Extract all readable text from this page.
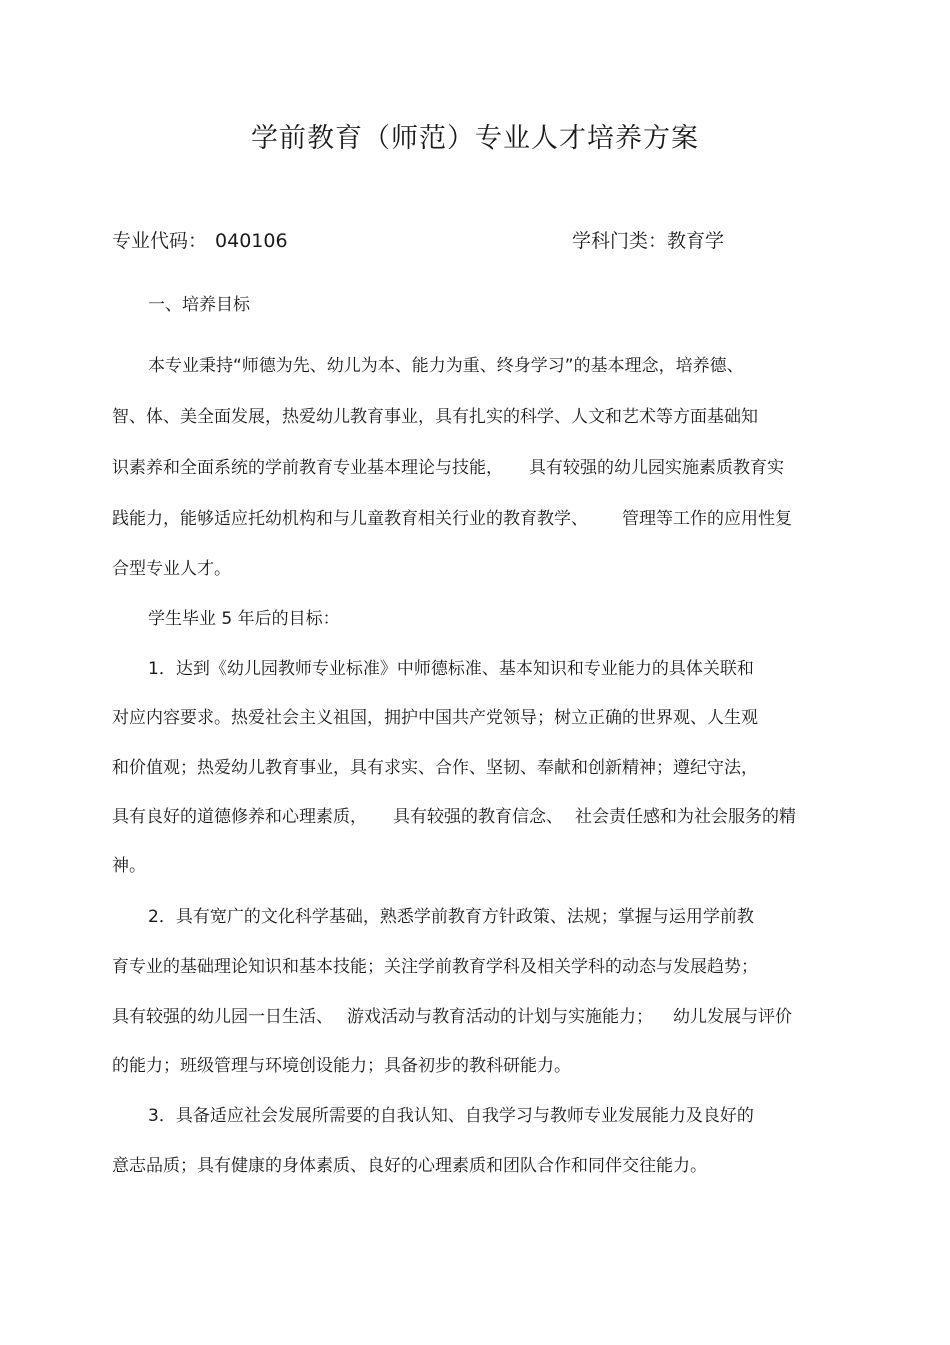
学前教育（师范）专业人才培养方案
专业代码： 040106	学科门类：教育学
一、培养目标
本专业秉持“师德为先、幼儿为本、能力为重、终身学习”的基本理念，培养德、
智、体、美全面发展，热爱幼儿教育事业，具有扎实的科学、人文和艺术等方面基础知
识素养和全面系统的学前教育专业基本理论与技能， 具有较强的幼儿园实施素质教育实
践能力，能够适应托幼机构和与儿童教育相关行业的教育教学、 管理等工作的应用性复
合型专业人才。
学生毕业 5 年后的目标：
1．达到《幼儿园教师专业标准》中师德标准、基本知识和专业能力的具体关联和
对应内容要求。热爱社会主义祖国，拥护中国共产党领导；树立正确的世界观、人生观
和价值观；热爱幼儿教育事业，具有求实、合作、坚韧、奉献和创新精神；遵纪守法，
具有良好的道德修养和心理素质， 具有较强的教育信念、 社会责任感和为社会服务的精
神。
2．具有宽广的文化科学基础，熟悉学前教育方针政策、法规；掌握与运用学前教
育专业的基础理论知识和基本技能；关注学前教育学科及相关学科的动态与发展趋势；
具有较强的幼儿园一日生活、 游戏活动与教育活动的计划与实施能力； 幼儿发展与评价
的能力；班级管理与环境创设能力；具备初步的教科研能力。
3．具备适应社会发展所需要的自我认知、自我学习与教师专业发展能力及良好的
意志品质；具有健康的身体素质、良好的心理素质和团队合作和同伴交往能力。
